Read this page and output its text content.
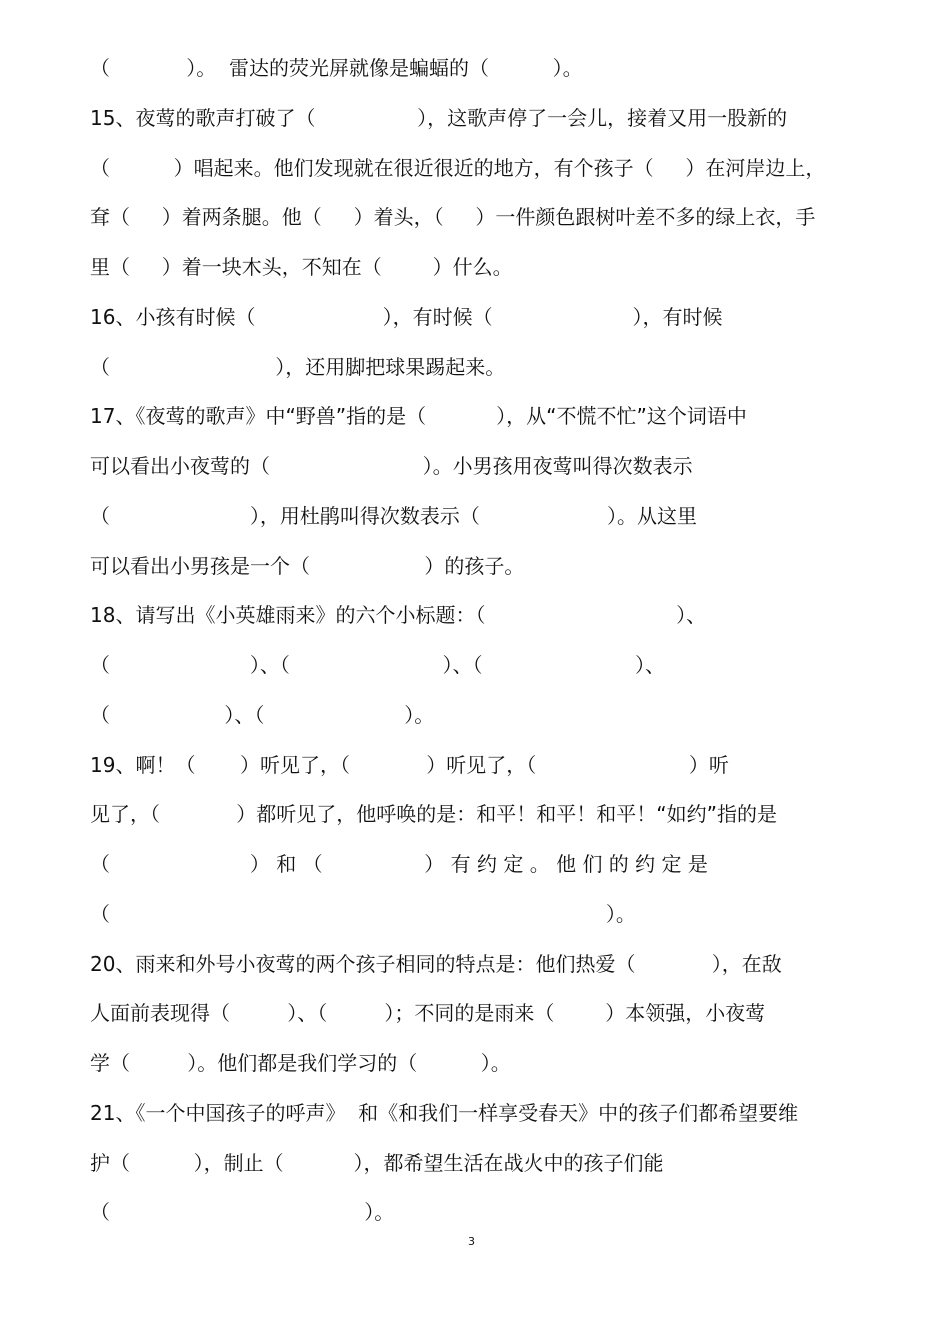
（            ）。  雷达的荧光屏就像是蝙蝠的（          ）。
15、夜莺的歌声打破了（                ），这歌声停了一会儿，接着又用一股新的
（          ）唱起来。他们发现就在很近很近的地方，有个孩子（     ）在河岸边上，
耷（     ）着两条腿。他（     ）着头，（     ）一件颜色跟树叶差不多的绿上衣，手
里（     ）着一块木头，不知在（        ）什么。
16、小孩有时候（                    ），有时候（                      ），有时候
（                          ），还用脚把球果踢起来。
17、《夜莺的歌声》中“野兽”指的是（           ），从“不慌不忙”这个词语中
可以看出小夜莺的（                        ）。小男孩用夜莺叫得次数表示
（                      ），用杜鹃叫得次数表示（                    ）。从这里
可以看出小男孩是一个（                  ）的孩子。
18、请写出《小英雄雨来》的六个小标题：（                              ）、
（                      ）、（                        ）、（                        ）、
（                  ）、（                      ）。
19、啊！（       ）听见了，（            ）听见了，（                        ）听
见了，（            ）都听见了，他呼唤的是：和平！和平！和平！“如约”指的是
（                      ） 和 （                ） 有 约 定 。 他 们 的 约 定 是
（                                                                              ）。
20、雨来和外号小夜莺的两个孩子相同的特点是：他们热爱（            ），在敌
人面前表现得（         ）、（         ）；不同的是雨来（        ）本领强，小夜莺
学（         ）。他们都是我们学习的（          ）。
21、《一个中国孩子的呼声》  和《和我们一样享受春天》中的孩子们都希望要维
护（          ），制止（           ），都希望生活在战火中的孩子们能
（                                        ）。
3
